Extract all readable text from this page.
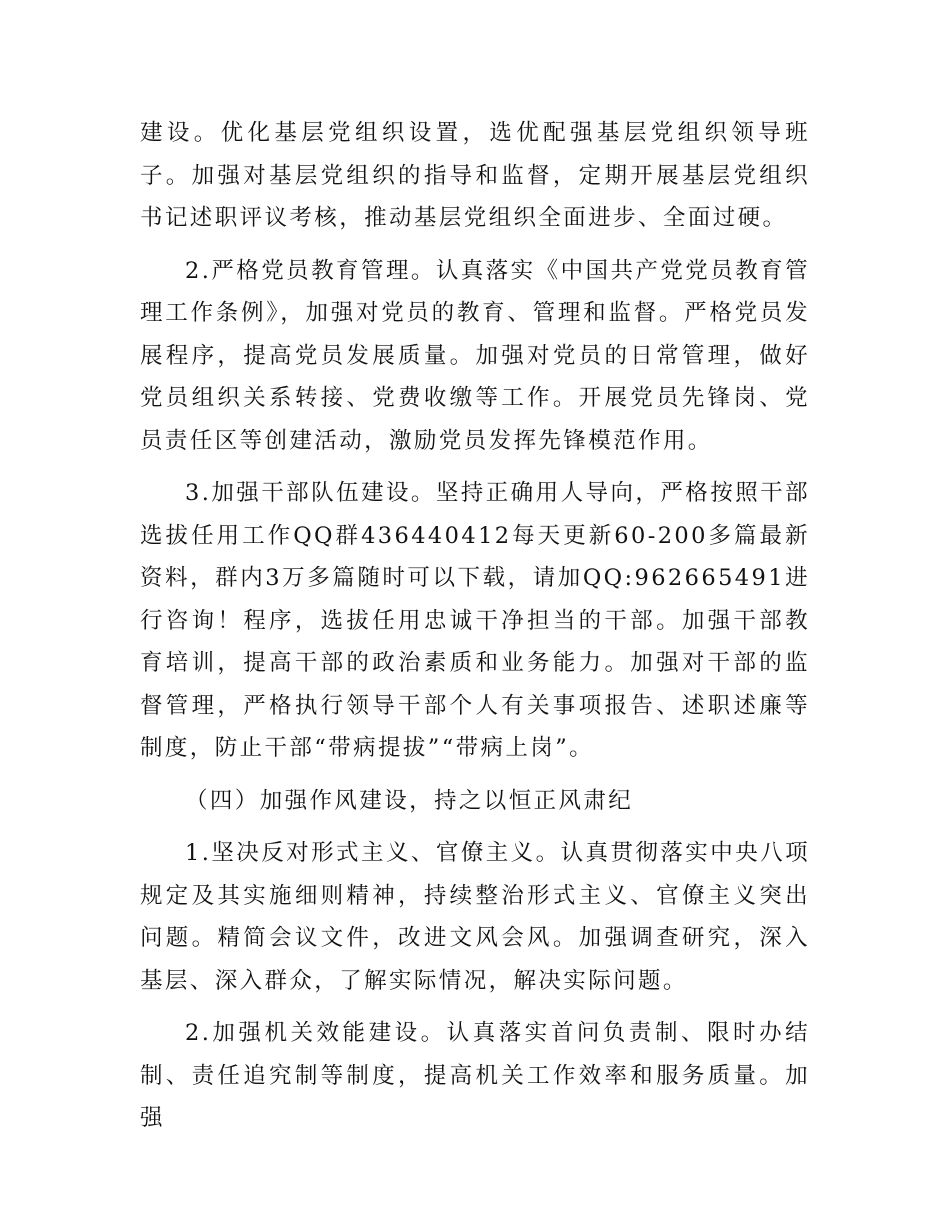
建设。优化基层党组织设置，选优配强基层党组织领导班子。加强对基层党组织的指导和监督，定期开展基层党组织书记述职评议考核，推动基层党组织全面进步、全面过硬。

2.严格党员教育管理。认真落实《中国共产党党员教育管理工作条例》，加强对党员的教育、管理和监督。严格党员发展程序，提高党员发展质量。加强对党员的日常管理，做好党员组织关系转接、党费收缴等工作。开展党员先锋岗、党员责任区等创建活动，激励党员发挥先锋模范作用。

3.加强干部队伍建设。坚持正确用人导向，严格按照干部选拔任用工作QQ群436440412每天更新60-200多篇最新资料，群内3万多篇随时可以下载，请加QQ:962665491进行咨询！程序，选拔任用忠诚干净担当的干部。加强干部教育培训，提高干部的政治素质和业务能力。加强对干部的监督管理，严格执行领导干部个人有关事项报告、述职述廉等制度，防止干部“带病提拔”“带病上岗”。

（四）加强作风建设，持之以恒正风肃纪

1.坚决反对形式主义、官僚主义。认真贯彻落实中央八项规定及其实施细则精神，持续整治形式主义、官僚主义突出问题。精简会议文件，改进文风会风。加强调查研究，深入基层、深入群众，了解实际情况，解决实际问题。

2.加强机关效能建设。认真落实首问负责制、限时办结制、责任追究制等制度，提高机关工作效率和服务质量。加强
